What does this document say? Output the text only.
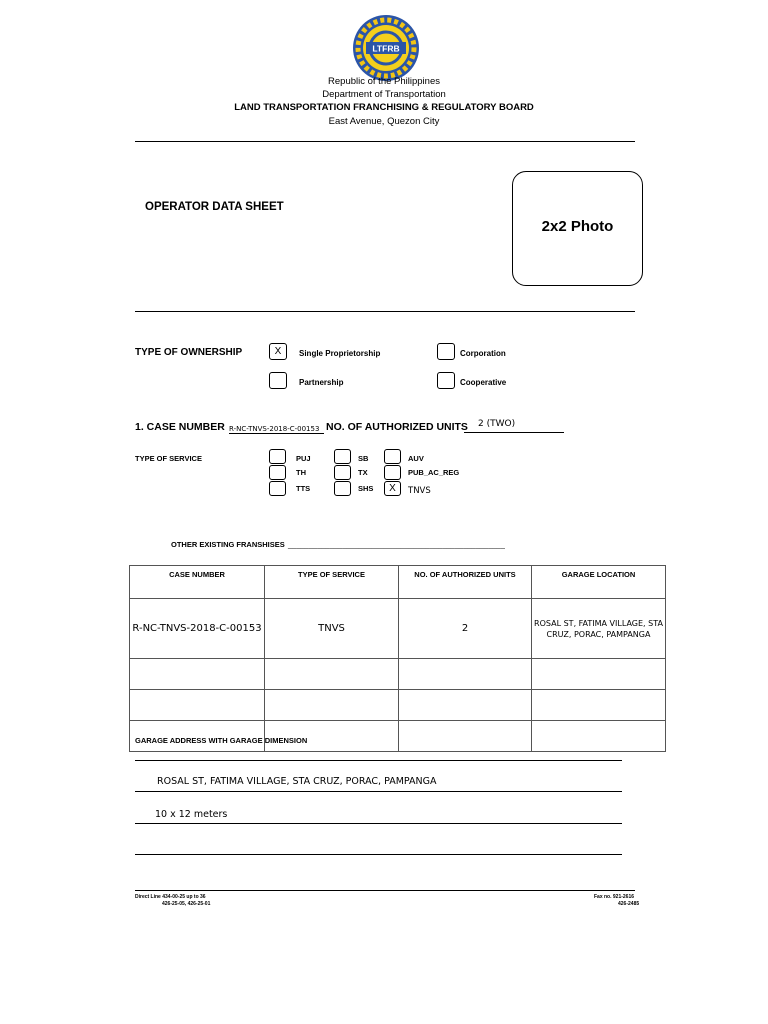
LTFRB
Republic of the Philippines
Department of Transportation
LAND TRANSPORTATION FRANCHISING & REGULATORY BOARD
East Avenue, Quezon City
OPERATOR DATA SHEET
2x2 Photo
TYPE OF OWNERSHIP	X	Single Proprietorship	Corporation
Partnership	Cooperative
1. CASE NUMBER R-NC-TNVS-2018-C-00153 NO. OF AUTHORIZED UNITS 2 (TWO)
TYPE OF SERVICE	PUJ	SB	AUV
TH	TX	PUB_AC_REG
TTS	SHS	X	TNVS
OTHER EXISTING FRANSHISES ____________________________________________________
CASE NUMBER	TYPE OF SERVICE	NO. OF AUTHORIZED UNITS	GARAGE LOCATION
R-NC-TNVS-2018-C-00153	TNVS	2	ROSAL ST, FATIMA VILLAGE, STA CRUZ, PORAC, PAMPANGA

GARAGE ADDRESS WITH GARAGE DIMENSION
ROSAL ST, FATIMA VILLAGE, STA CRUZ, PORAC, PAMPANGA
10 x 12 meters
Direct Line 434-00-25 up to 36
426-25-05, 426-25-01
Fax no. 921-2616
426-2485
